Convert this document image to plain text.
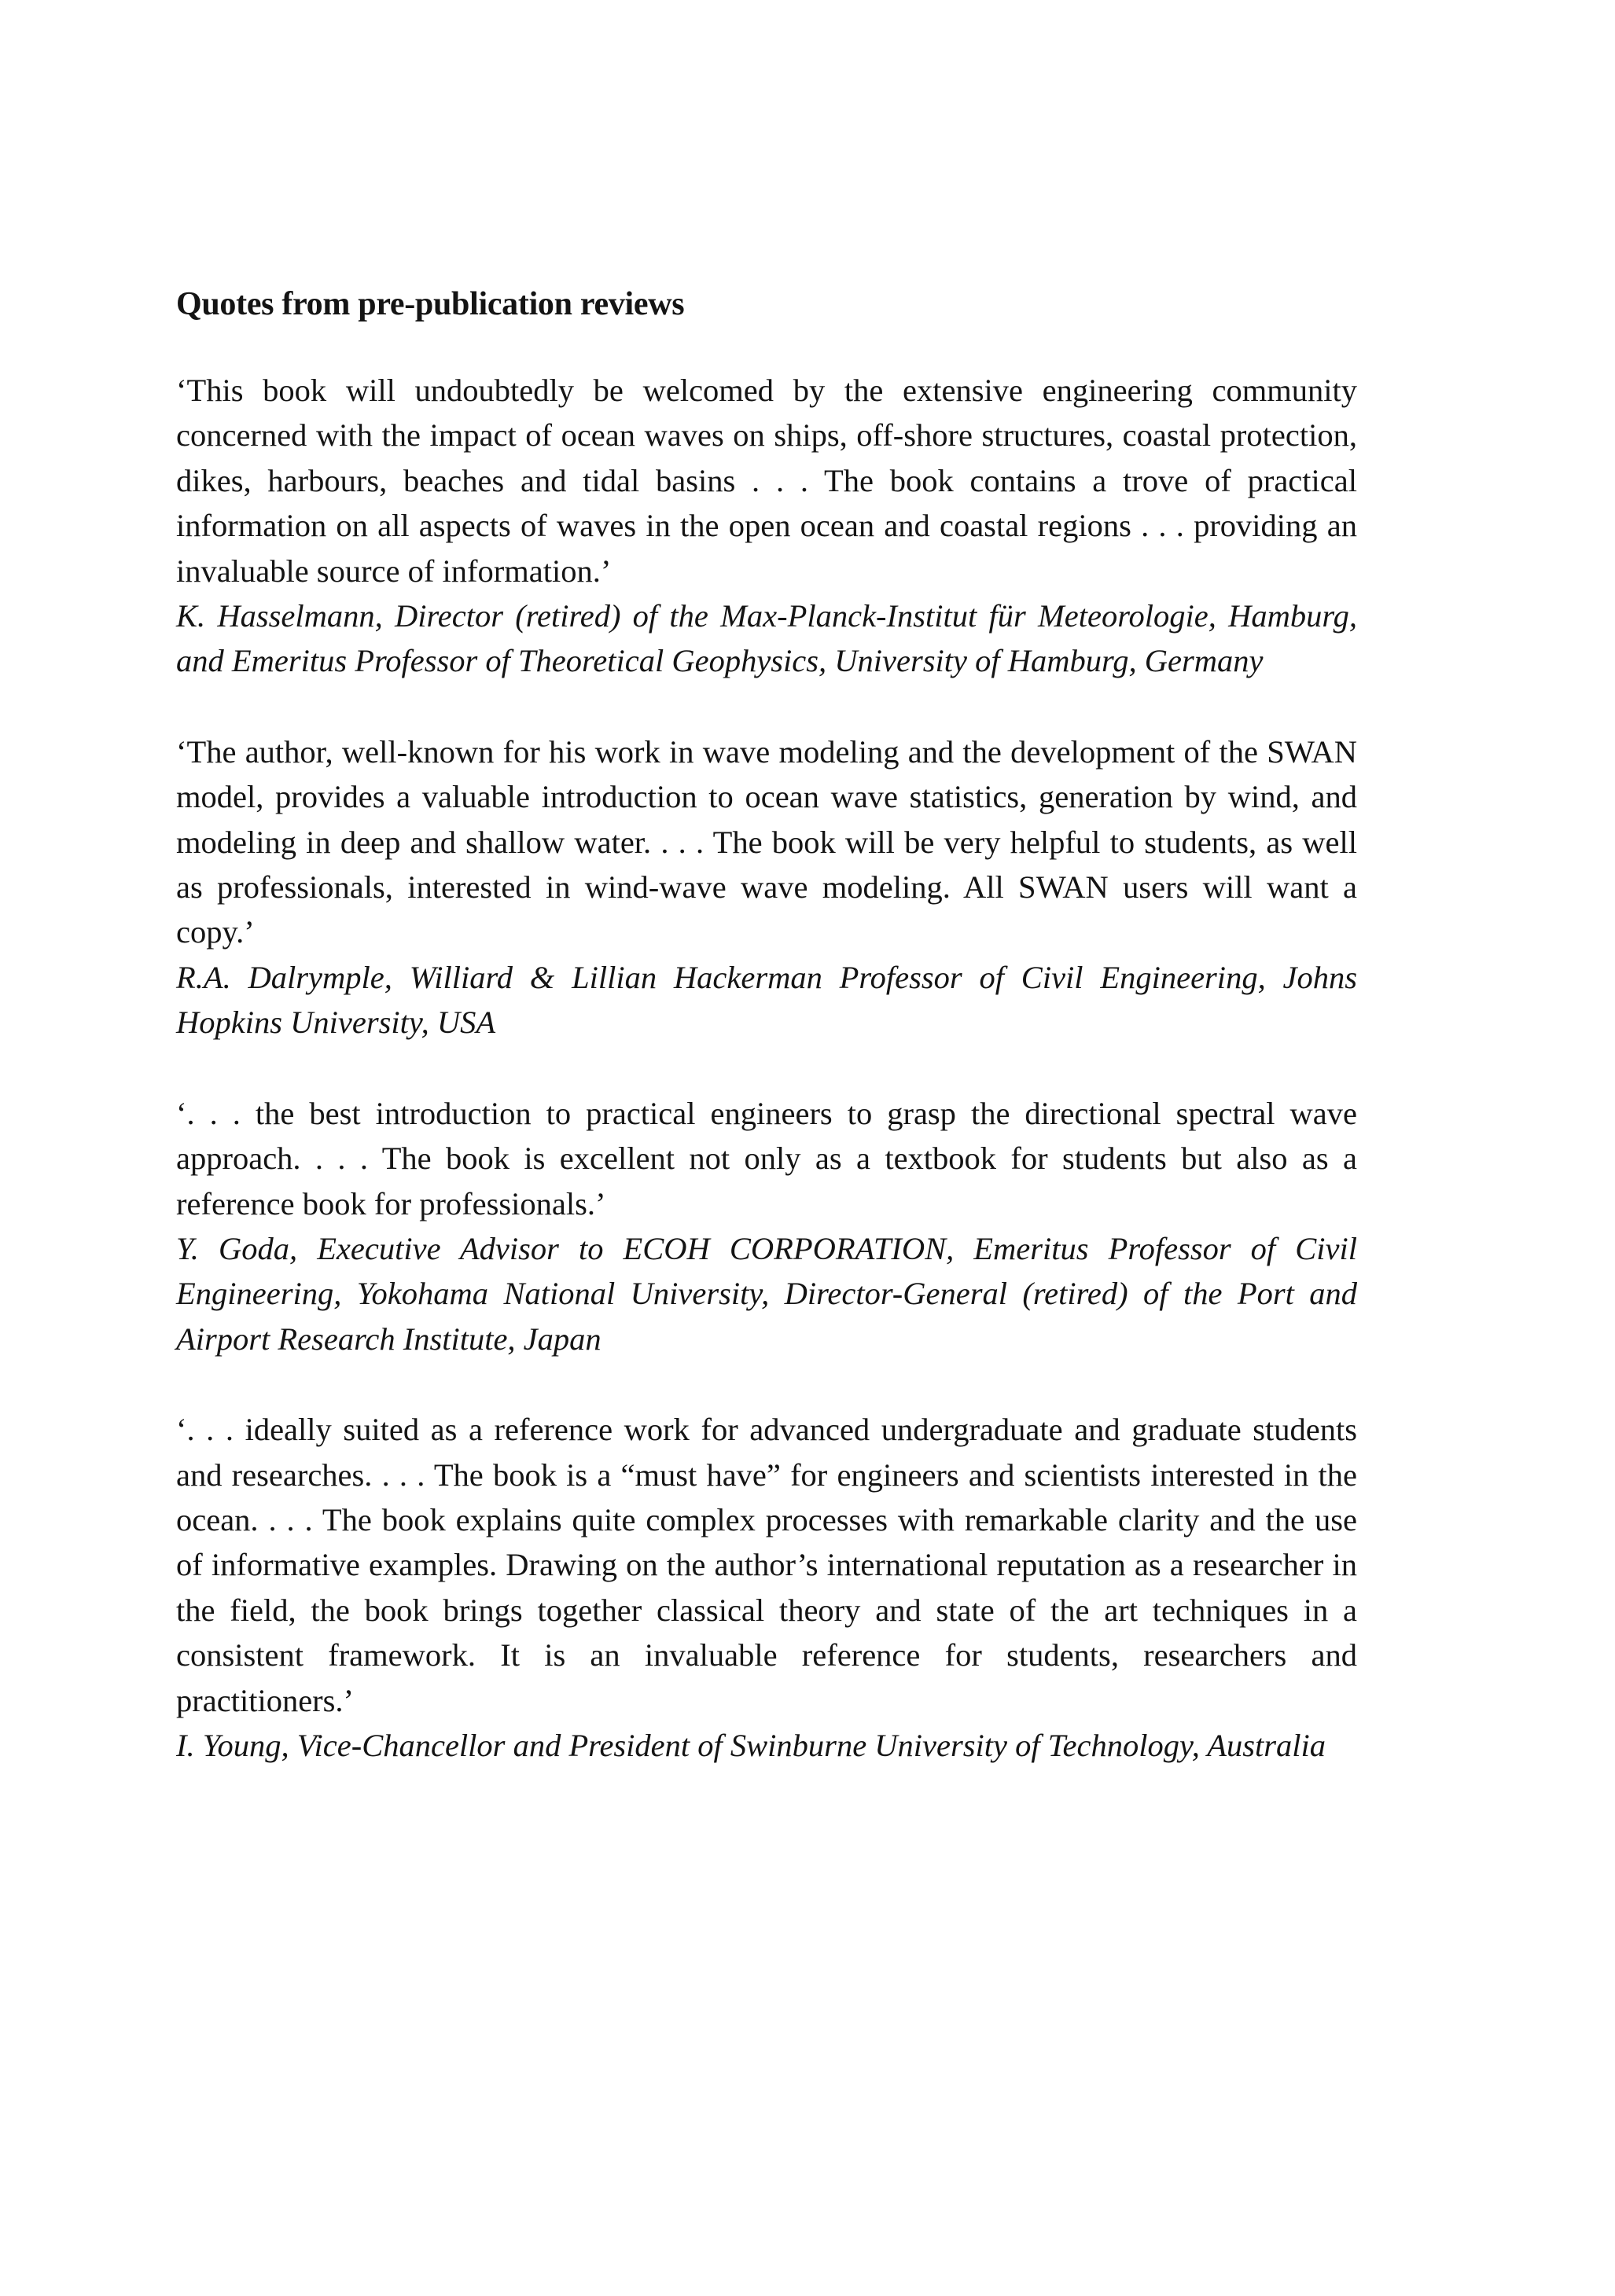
Quotes from pre-publication reviews

‘This book will undoubtedly be welcomed by the extensive engineering community concerned with the impact of ocean waves on ships, off-shore structures, coastal protection, dikes, harbours, beaches and tidal basins . . . The book contains a trove of practical information on all aspects of waves in the open ocean and coastal regions . . . providing an invaluable source of information.’

K. Hasselmann, Director (retired) of the Max-Planck-Institut für Meteorologie, Hamburg, and Emeritus Professor of Theoretical Geophysics, University of Hamburg, Germany

‘The author, well-known for his work in wave modeling and the development of the SWAN model, provides a valuable introduction to ocean wave statistics, generation by wind, and modeling in deep and shallow water. . . . The book will be very helpful to students, as well as professionals, interested in wind-wave wave modeling. All SWAN users will want a copy.’

R.A. Dalrymple, Williard & Lillian Hackerman Professor of Civil Engineering, Johns Hopkins University, USA

‘. . . the best introduction to practical engineers to grasp the directional spectral wave approach. . . . The book is excellent not only as a textbook for students but also as a reference book for professionals.’

Y. Goda, Executive Advisor to ECOH CORPORATION, Emeritus Professor of Civil Engineering, Yokohama National University, Director-General (retired) of the Port and Airport Research Institute, Japan

‘. . . ideally suited as a reference work for advanced undergraduate and graduate students and researches. . . . The book is a “must have” for engineers and scientists interested in the ocean. . . . The book explains quite complex processes with remarkable clarity and the use of informative examples. Drawing on the author’s international reputation as a researcher in the field, the book brings together classical theory and state of the art techniques in a consistent framework. It is an invaluable reference for students, researchers and practitioners.’

I. Young, Vice-Chancellor and President of Swinburne University of Technology, Australia
